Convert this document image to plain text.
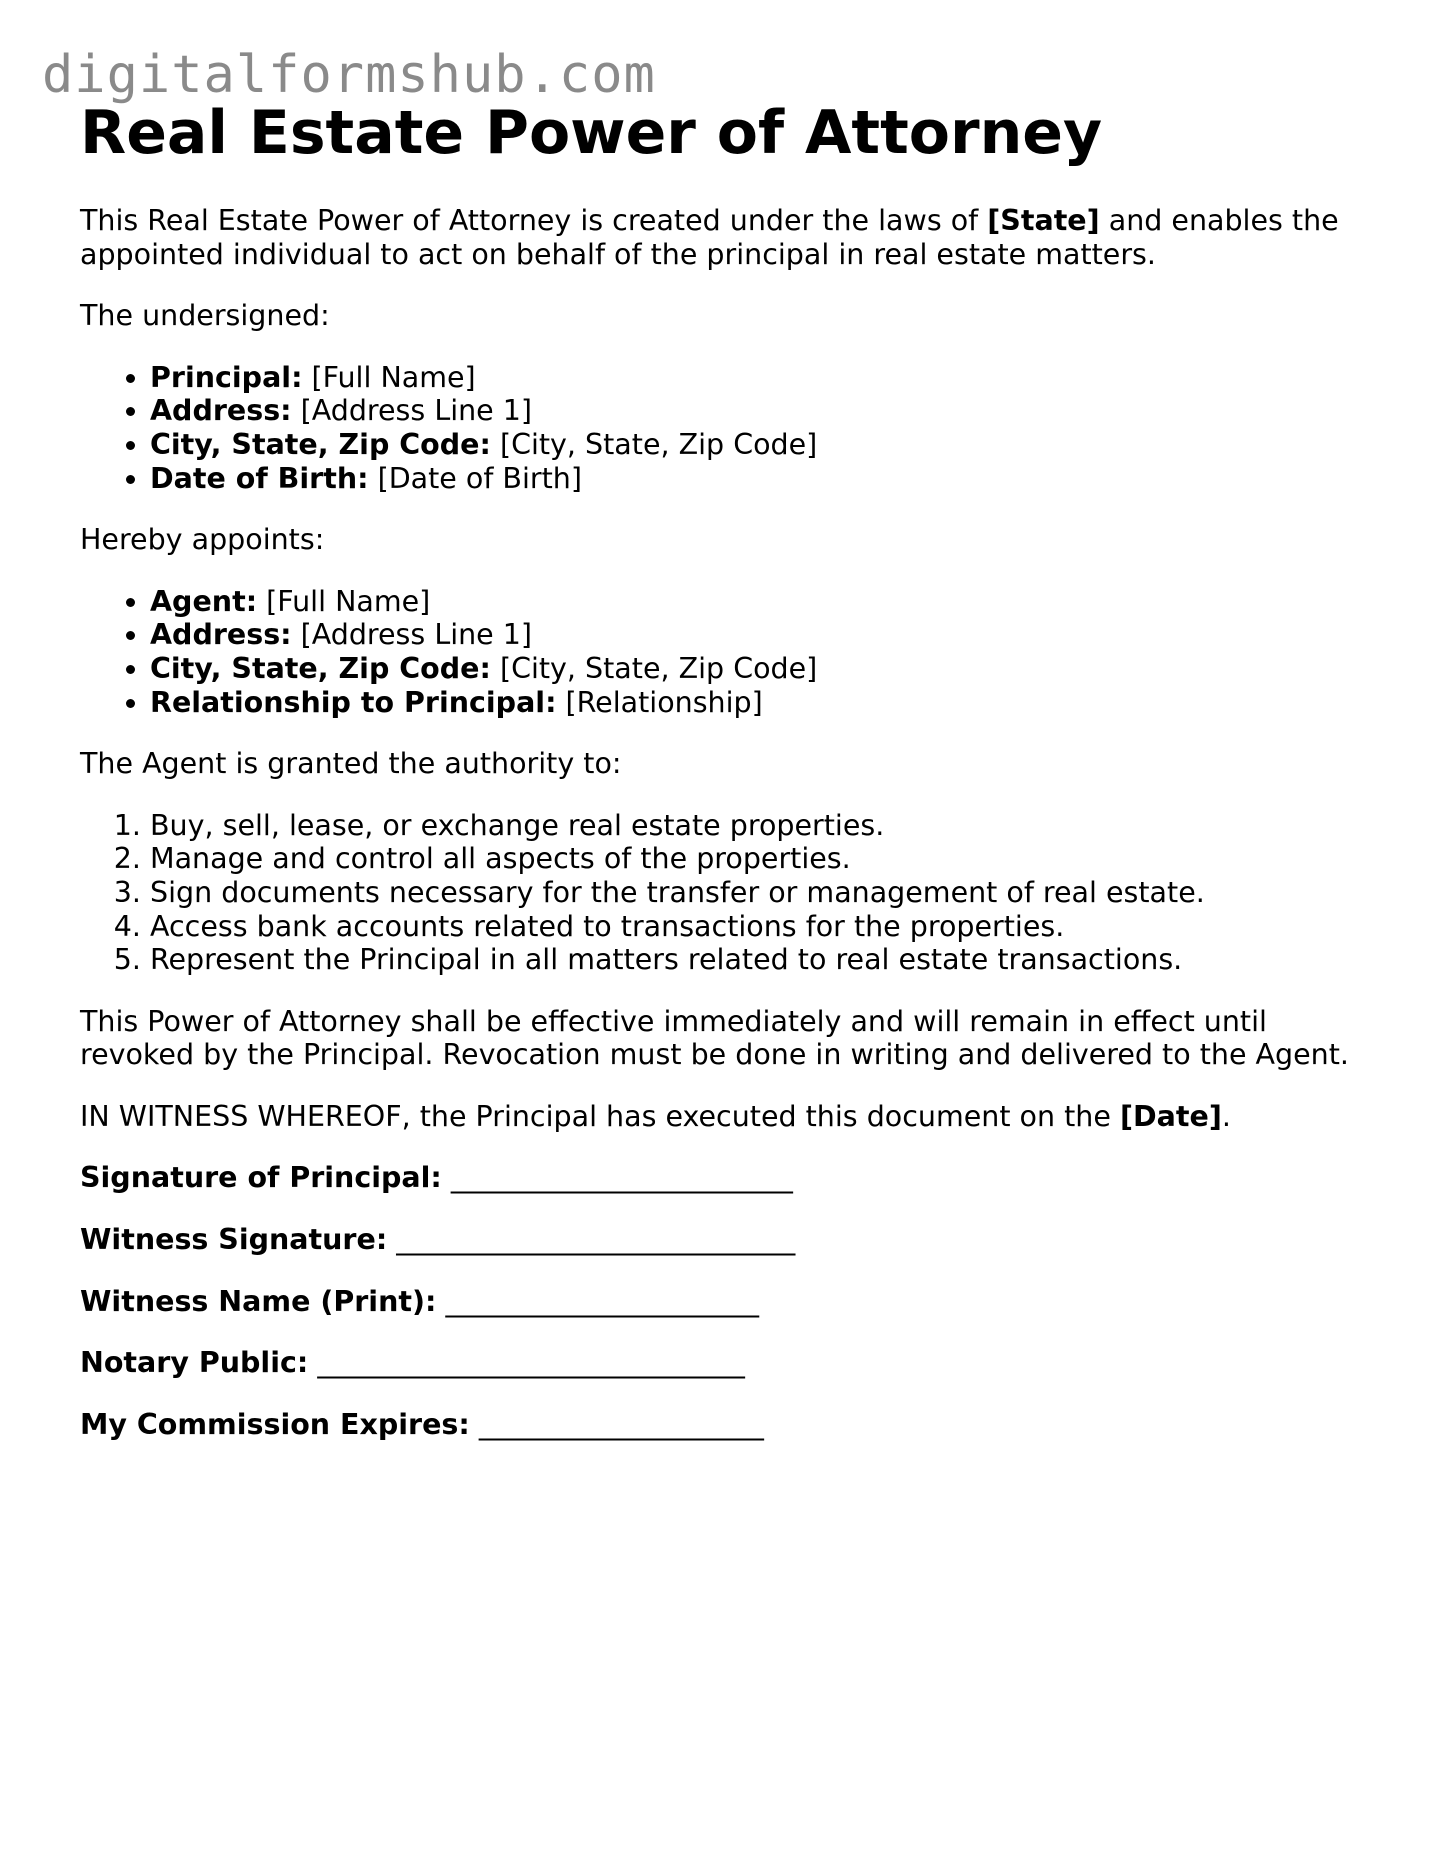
digitalformshub.com
Real Estate Power of Attorney

This Real Estate Power of Attorney is created under the laws of [State] and enables the appointed individual to act on behalf of the principal in real estate matters.

The undersigned:

• Principal: [Full Name]
• Address: [Address Line 1]
• City, State, Zip Code: [City, State, Zip Code]
• Date of Birth: [Date of Birth]

Hereby appoints:

• Agent: [Full Name]
• Address: [Address Line 1]
• City, State, Zip Code: [City, State, Zip Code]
• Relationship to Principal: [Relationship]

The Agent is granted the authority to:

1. Buy, sell, lease, or exchange real estate properties.
2. Manage and control all aspects of the properties.
3. Sign documents necessary for the transfer or management of real estate.
4. Access bank accounts related to transactions for the properties.
5. Represent the Principal in all matters related to real estate transactions.

This Power of Attorney shall be effective immediately and will remain in effect until revoked by the Principal. Revocation must be done in writing and delivered to the Agent.

IN WITNESS WHEREOF, the Principal has executed this document on the [Date].

Signature of Principal: ________________________

Witness Signature: ____________________________

Witness Name (Print): ______________________

Notary Public: ______________________________

My Commission Expires: ____________________
